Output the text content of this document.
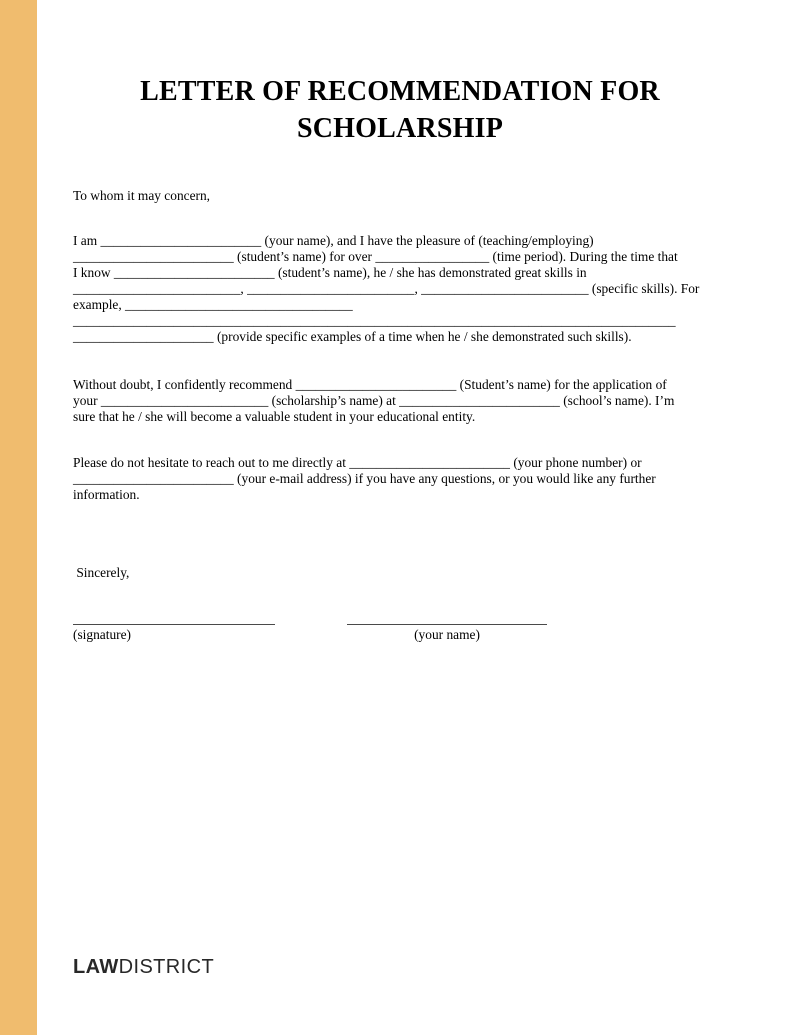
LETTER OF RECOMMENDATION FOR
SCHOLARSHIP
To whom it may concern,
I am ________________________ (your name), and I have the pleasure of (teaching/employing)
________________________ (student’s name) for over _________________ (time period). During the time that
I know ________________________ (student’s name), he / she has demonstrated great skills in
_________________________, _________________________, _________________________ (specific skills). For
example, __________________________________
__________________________________________________________________________________________
_____________________ (provide specific examples of a time when he / she demonstrated such skills).
Without doubt, I confidently recommend ________________________ (Student’s name) for the application of
your _________________________ (scholarship’s name) at ________________________ (school’s name). I’m
sure that he / she will become a valuable student in your educational entity.
Please do not hesitate to reach out to me directly at ________________________ (your phone number) or
________________________ (your e-mail address) if you have any questions, or you would like any further
information.
Sincerely,
(signature)	(your name)
LAWDISTRICT
